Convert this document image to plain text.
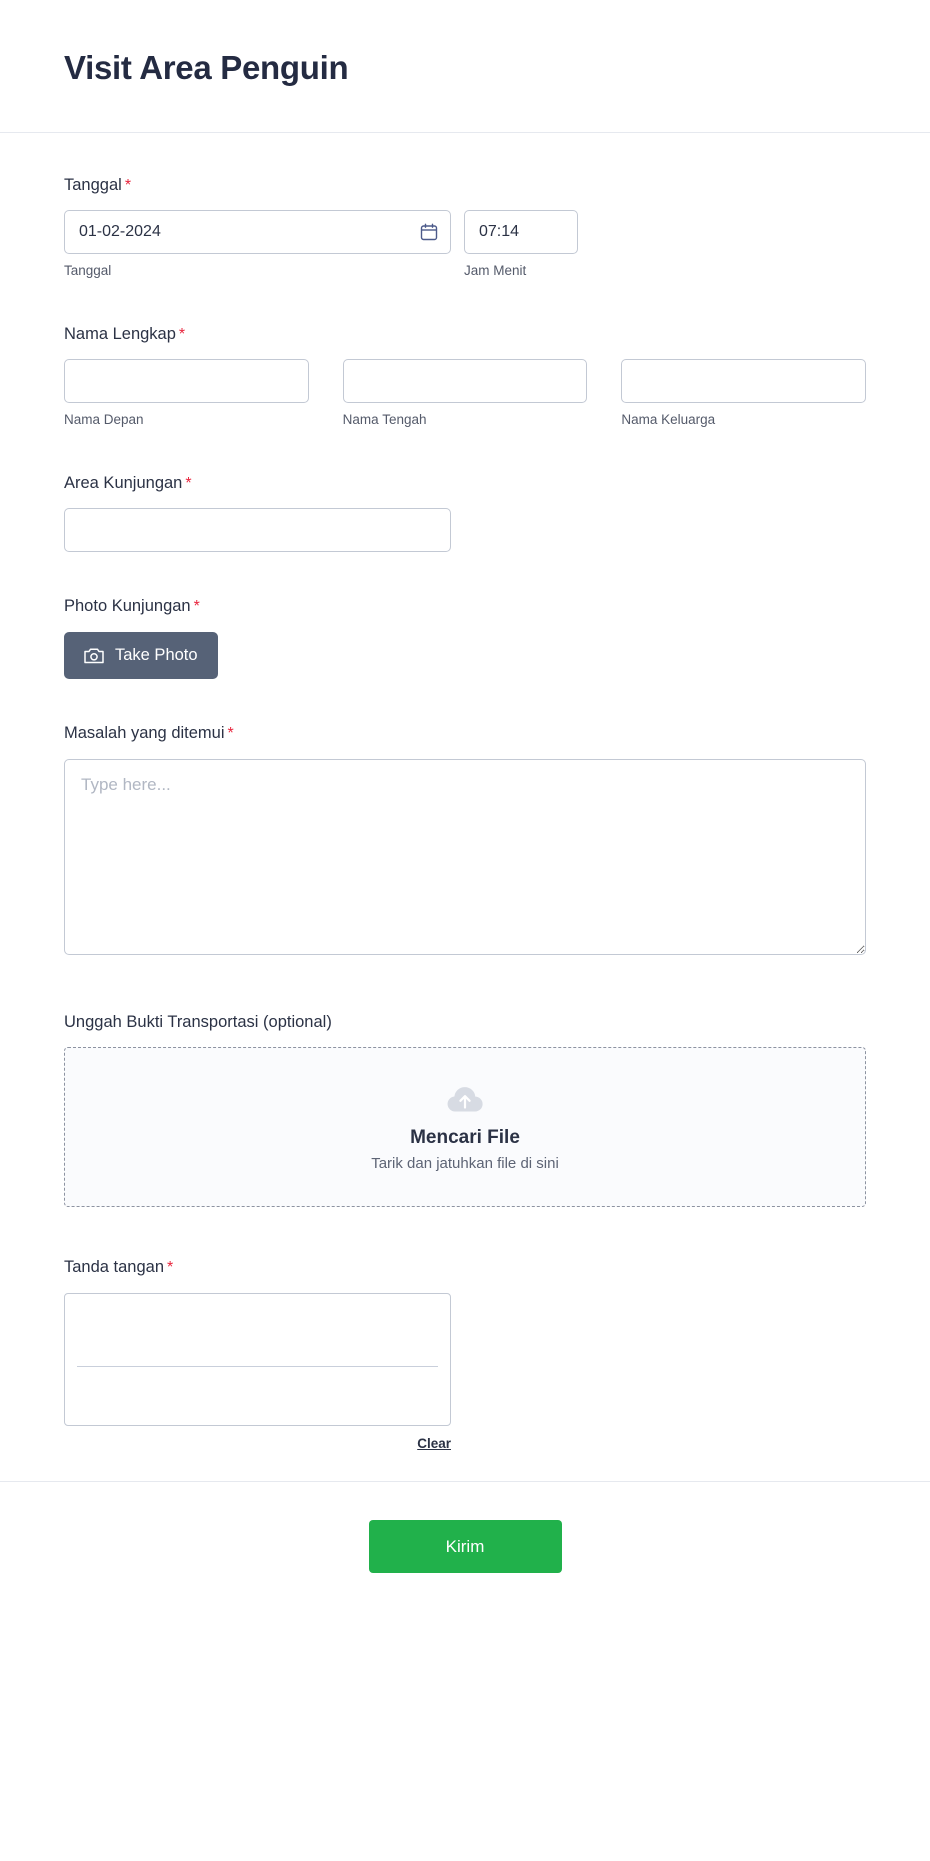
Visit Area Penguin
Tanggal *
01-02-2024
Tanggal
07:14	Jam Menit
Nama Lengkap *
Nama Depan	Nama Tengah	Nama Keluarga
Area Kunjungan *
Photo Kunjungan *
Take Photo
Masalah yang ditemui *
Type here...
Unggah Bukti Transportasi (optional)
Mencari File
Tarik dan jatuhkan file di sini
Tanda tangan *
Clear
Kirim
